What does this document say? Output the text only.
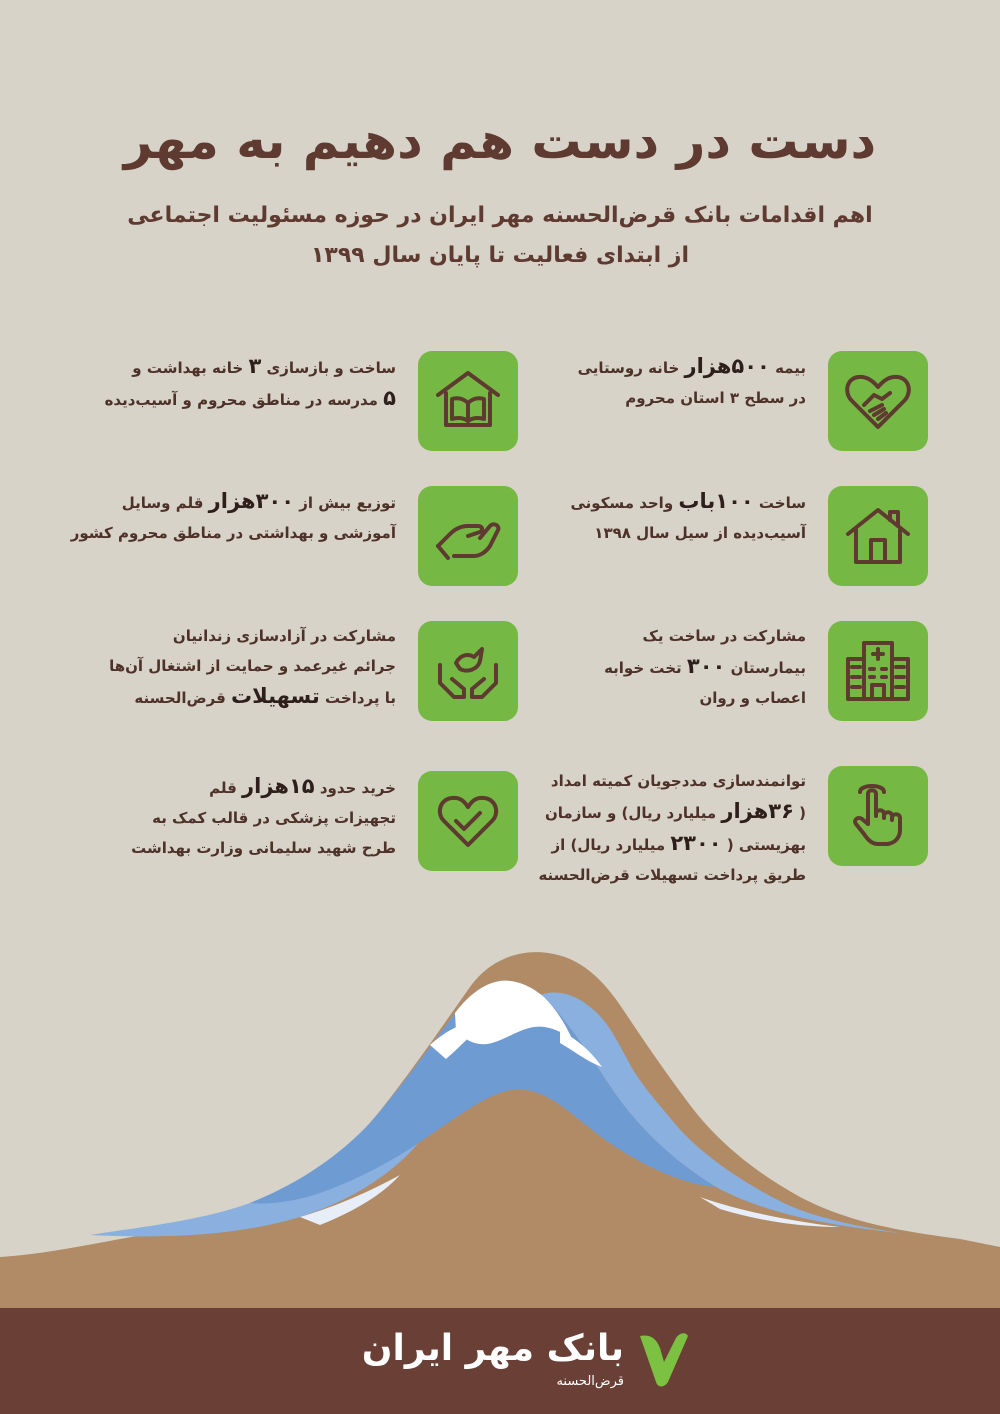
دست در دست هم دهیم به مهر
اهم اقدامات بانک قرض‌الحسنه مهر ایران در حوزه مسئولیت اجتماعی
از ابتدای فعالیت تا پایان سال ۱۳۹۹
بیمه ۵۰۰هزار خانه روستایی
در سطح ۳ استان محروم
ساخت و بازسازی ۳ خانه بهداشت و
۵ مدرسه در مناطق محروم و آسیب‌دیده
ساخت ۱۰۰باب واحد مسکونی
آسیب‌دیده از سیل سال ۱۳۹۸
توزیع بیش از ۳۰۰هزار قلم وسایل
آموزشی و بهداشتی در مناطق محروم کشور
مشارکت در ساخت یک
بیمارستان ۳۰۰ تخت خوابه
اعصاب و روان
مشارکت در آزادسازی زندانیان
جرائم غیرعمد و حمایت از اشتغال آن‌ها
با پرداخت تسهیلات قرض‌الحسنه
توانمندسازی مددجویان کمیته امداد
( ۳۶هزار میلیارد ریال) و سازمان
بهزیستی ( ۲۳۰۰ میلیارد ریال) از
طریق پرداخت تسهیلات قرض‌الحسنه
خرید حدود ۱۵هزار قلم
تجهیزات پزشکی در قالب کمک به
طرح شهید سلیمانی وزارت بهداشت
بانک مهر ایران
قرض‌الحسنه
